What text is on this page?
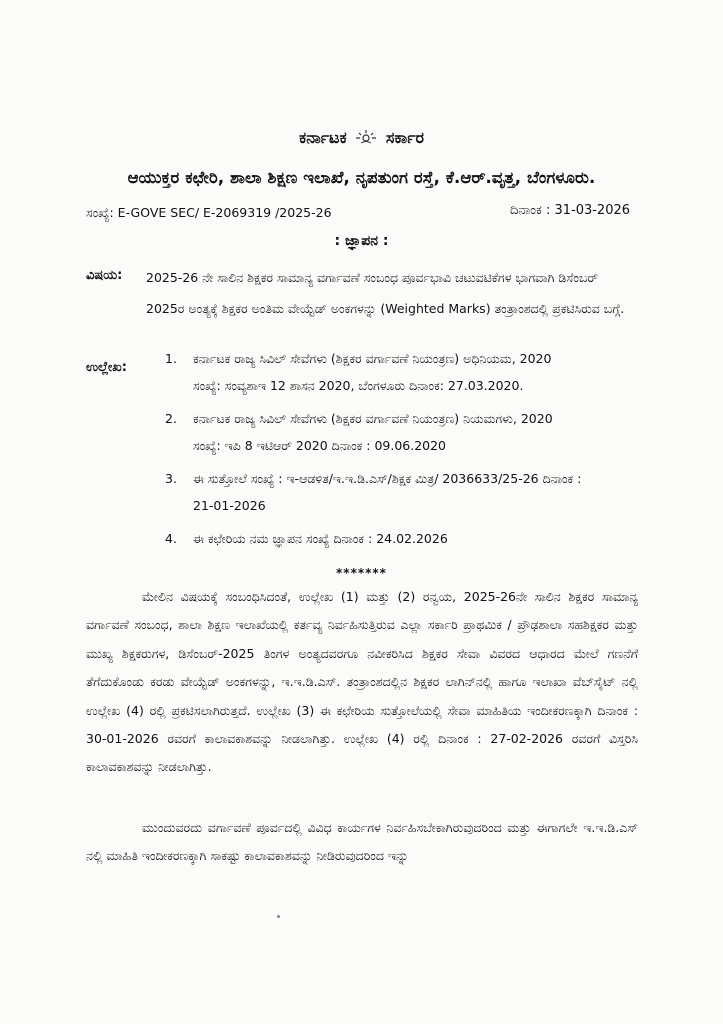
ಕರ್ನಾಟಕ ಸರ್ಕಾರ
ಆಯುಕ್ತರ ಕಛೇರಿ, ಶಾಲಾ ಶಿಕ್ಷಣ ಇಲಾಖೆ, ನೃಪತುಂಗ ರಸ್ತೆ, ಕೆ.ಆರ್.ವೃತ್ತ, ಬೆಂಗಳೂರು.
ಸಂಖ್ಯೆ: E-GOVE SEC/ E-2069319 /2025-26	ದಿನಾಂಕ : 31-03-2026
: ಜ್ಞಾಪನ :
ವಿಷಯ: 2025-26 ನೇ ಸಾಲಿನ ಶಿಕ್ಷಕರ ಸಾಮಾನ್ಯ ವರ್ಗಾವಣೆ ಸಂಬಂಧ ಪೂರ್ವಭಾವಿ ಚಟುವಟಿಕೆಗಳ ಭಾಗವಾಗಿ ಡಿಸೆಂಬರ್ 2025ರ ಅಂತ್ಯಕ್ಕೆ ಶಿಕ್ಷಕರ ಅಂತಿಮ ವೇಯ್ಟೆಡ್ ಅಂಕಗಳನ್ನು (Weighted Marks) ತಂತ್ರಾಂಶದಲ್ಲಿ ಪ್ರಕಟಿಸಿರುವ ಬಗ್ಗೆ.
ಉಲ್ಲೇಖ:
1. ಕರ್ನಾಟಕ ರಾಜ್ಯ ಸಿವಿಲ್ ಸೇವೆಗಳು (ಶಿಕ್ಷಕರ ವರ್ಗಾವಣೆ ನಿಯಂತ್ರಣ) ಅಧಿನಿಯಮ, 2020
ಸಂಖ್ಯೆ: ಸಂವ್ಯಶಾಇ 12 ಶಾಸನ 2020, ಬೆಂಗಳೂರು ದಿನಾಂಕ: 27.03.2020.
2. ಕರ್ನಾಟಕ ರಾಜ್ಯ ಸಿವಿಲ್ ಸೇವೆಗಳು (ಶಿಕ್ಷಕರ ವರ್ಗಾವಣೆ ನಿಯಂತ್ರಣ) ನಿಯಮಗಳು, 2020
ಸಂಖ್ಯೆ: ಇಪಿ 8 ಇಟಿಆರ್ 2020 ದಿನಾಂಕ : 09.06.2020
3. ಈ ಸುತ್ತೋಲೆ ಸಂಖ್ಯೆ : ಇ-ಆಡಳಿತ/ಇ.ಇ.ಡಿ.ಎಸ್/ಶಿಕ್ಷಕ ಮಿತ್ರ/ 2036633/25-26 ದಿನಾಂಕ :
21-01-2026
4. ಈ ಕಛೇರಿಯ ನಮ ಜ್ಞಾಪನ ಸಂಖ್ಯೆ ದಿನಾಂಕ : 24.02.2026
*******
ಮೇಲಿನ ವಿಷಯಕ್ಕೆ ಸಂಬಂಧಿಸಿದಂತೆ, ಉಲ್ಲೇಖ (1) ಮತ್ತು (2) ರನ್ವಯ, 2025-26ನೇ ಸಾಲಿನ ಶಿಕ್ಷಕರ ಸಾಮಾನ್ಯ ವರ್ಗಾವಣೆ ಸಂಬಂಧ, ಶಾಲಾ ಶಿಕ್ಷಣ ಇಲಾಖೆಯಲ್ಲಿ ಕರ್ತವ್ಯ ನಿರ್ವಹಿಸುತ್ತಿರುವ ಎಲ್ಲಾ ಸರ್ಕಾರಿ ಪ್ರಾಥಮಿಕ / ಪ್ರೌಢಶಾಲಾ ಸಹಶಿಕ್ಷಕರ ಮತ್ತು ಮುಖ್ಯ ಶಿಕ್ಷಕರುಗಳ, ಡಿಸೆಂಬರ್-2025 ತಿಂಗಳ ಅಂತ್ಯದವರಗೂ ನವೀಕರಿಸಿದ ಶಿಕ್ಷಕರ ಸೇವಾ ವಿವರದ ಆಧಾರದ ಮೇಲೆ ಗಣನೆಗೆ ತೆಗೆದುಕೊಂಡು ಕರಡು ವೇಯ್ಟೆಡ್ ಅಂಕಗಳನ್ನು, ಇ.ಇ.ಡಿ.ಎಸ್. ತಂತ್ರಾಂಶದಲ್ಲಿನ ಶಿಕ್ಷಕರ ಲಾಗಿನ್‌ನಲ್ಲಿ ಹಾಗೂ ಇಲಾಖಾ ವೆಬ್‌ಸೈಟ್ ನಲ್ಲಿ ಉಲ್ಲೇಖ (4) ರಲ್ಲಿ ಪ್ರಕಟಿಸಲಾಗಿರುತ್ತದೆ. ಉಲ್ಲೇಖ (3) ಈ ಕಛೇರಿಯ ಸುತ್ತೋಲೆಯಲ್ಲಿ ಸೇವಾ ಮಾಹಿತಿಯ ಇಂದೀಕರಣಕ್ಕಾಗಿ ದಿನಾಂಕ : 30-01-2026 ರವರಗೆ ಕಾಲಾವಕಾಶವನ್ನು ನೀಡಲಾಗಿತ್ತು. ಉಲ್ಲೇಖ (4) ರಲ್ಲಿ ದಿನಾಂಕ : 27-02-2026 ರವರಗೆ ವಿಸ್ತರಿಸಿ ಕಾಲಾವಕಾಶವನ್ನು ನೀಡಲಾಗಿತ್ತು.
ಮುಂದುವರದು ವರ್ಗಾವಣೆ ಪೂರ್ವದಲ್ಲಿ ವಿವಿಧ ಕಾರ್ಯಗಳ ನಿರ್ವಹಿಸಬೇಕಾಗಿರುವುದರಿಂದ ಮತ್ತು ಈಗಾಗಲೇ ಇ.ಇ.ಡಿ.ಎಸ್ ನಲ್ಲಿ ಮಾಹಿತಿ ಇಂದೀಕರಣಕ್ಕಾಗಿ ಸಾಕಷ್ಟು ಕಾಲಾವಕಾಶವನ್ನು ನೀಡಿರುವುದರಿಂದ ಇನ್ನು
